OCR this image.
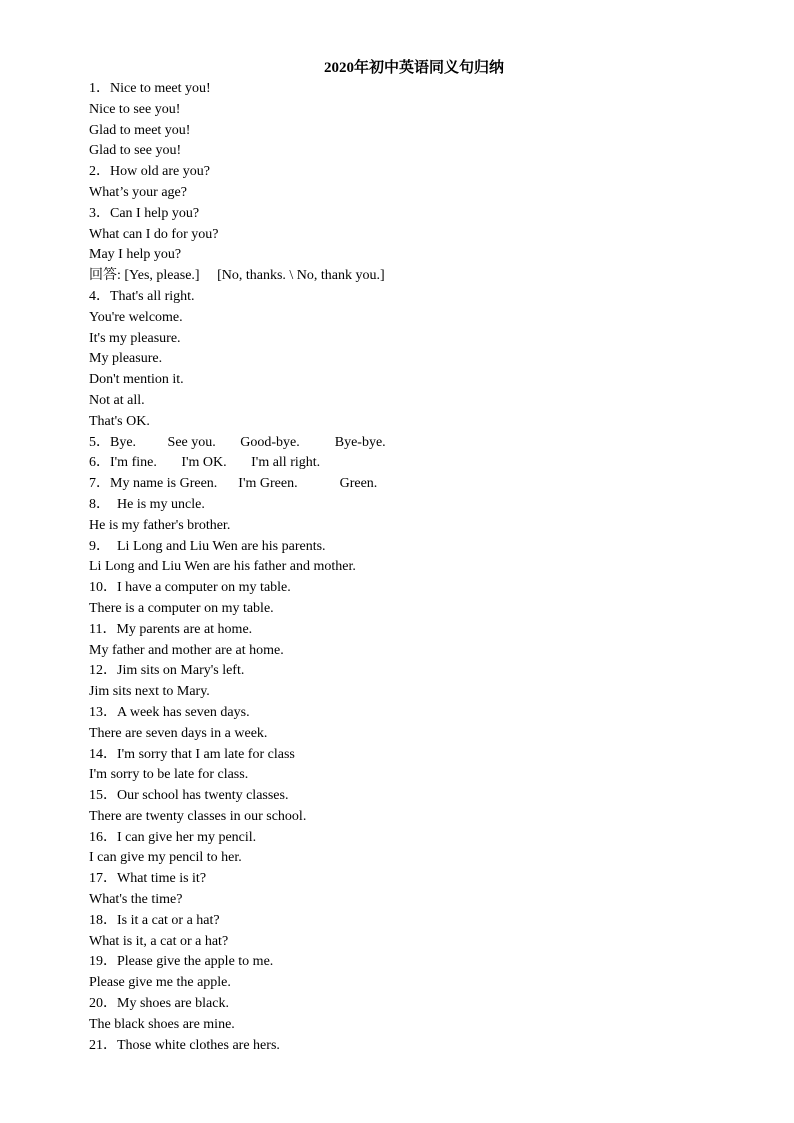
2020年初中英语同义句归纳
1．Nice to meet you!
Nice to see you!
Glad to meet you!
Glad to see you!
2．How old are you?
What’s your age?
3．Can I help you?
What can I do for you?
May I help you?
回答: [Yes, please.]     [No, thanks. \ No, thank you.]
4．That's all right.
You're welcome.
It's my pleasure.
My pleasure.
Don't mention it.
Not at all.
That's OK.
5．Bye.         See you.       Good-bye.          Bye-bye.
6．I'm fine.       I'm OK.       I'm all right.
7．My name is Green.      I'm Green.            Green.
8．  He is my uncle.
He is my father's brother.
9．  Li Long and Liu Wen are his parents.
Li Long and Liu Wen are his father and mother.
10．I have a computer on my table.
There is a computer on my table.
11．My parents are at home.
My father and mother are at home.
12．Jim sits on Mary's left.
Jim sits next to Mary.
13．A week has seven days.
There are seven days in a week.
14．I'm sorry that I am late for class
I'm sorry to be late for class.
15．Our school has twenty classes.
There are twenty classes in our school.
16．I can give her my pencil.
I can give my pencil to her.
17．What time is it?
What's the time?
18．Is it a cat or a hat?
What is it, a cat or a hat?
19．Please give the apple to me.
Please give me the apple.
20．My shoes are black.
The black shoes are mine.
21．Those white clothes are hers.
